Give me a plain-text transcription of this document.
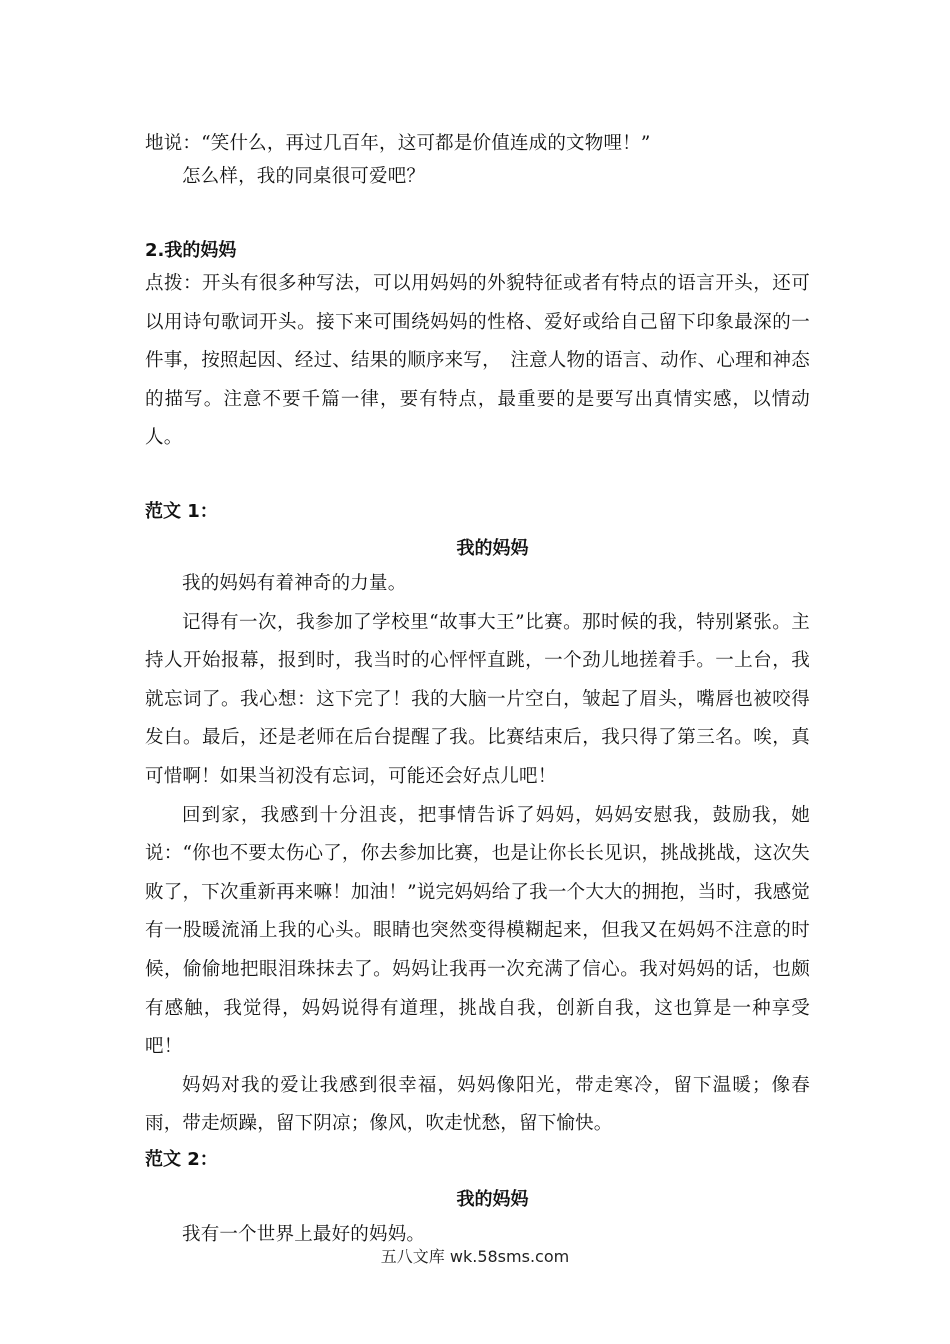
地说：“笑什么，再过几百年，这可都是价值连成的文物哩！”
怎么样，我的同桌很可爱吧？
2.我的妈妈

点拨：开头有很多种写法，可以用妈妈的外貌特征或者有特点的语言开头，还可以用诗句歌词开头。接下来可围绕妈妈的性格、爱好或给自己留下印象最深的一件事，按照起因、经过、结果的顺序来写，　注意人物的语言、动作、心理和神态的描写。注意不要千篇一律，要有特点，最重要的是要写出真情实感，以情动人。

范文 1：
我的妈妈

我的妈妈有着神奇的力量。

记得有一次，我参加了学校里“故事大王”比赛。那时候的我，特别紧张。主持人开始报幕，报到时，我当时的心怦怦直跳，一个劲儿地搓着手。一上台，我就忘词了。我心想：这下完了！我的大脑一片空白，皱起了眉头，嘴唇也被咬得发白。最后，还是老师在后台提醒了我。比赛结束后，我只得了第三名。唉，真可惜啊！如果当初没有忘词，可能还会好点儿吧！

回到家，我感到十分沮丧，把事情告诉了妈妈，妈妈安慰我，鼓励我，她说：“你也不要太伤心了，你去参加比赛，也是让你长长见识，挑战挑战，这次失败了，下次重新再来嘛！加油！”说完妈妈给了我一个大大的拥抱，当时，我感觉有一股暖流涌上我的心头。眼睛也突然变得模糊起来，但我又在妈妈不注意的时候，偷偷地把眼泪珠抹去了。妈妈让我再一次充满了信心。我对妈妈的话，也颇有感触，我觉得，妈妈说得有道理，挑战自我，创新自我，这也算是一种享受吧！

妈妈对我的爱让我感到很幸福，妈妈像阳光，带走寒冷，留下温暖；像春雨，带走烦躁，留下阴凉；像风，吹走忧愁，留下愉快。

范文 2：
我的妈妈

我有一个世界上最好的妈妈。

五八文库 wk.58sms.com
